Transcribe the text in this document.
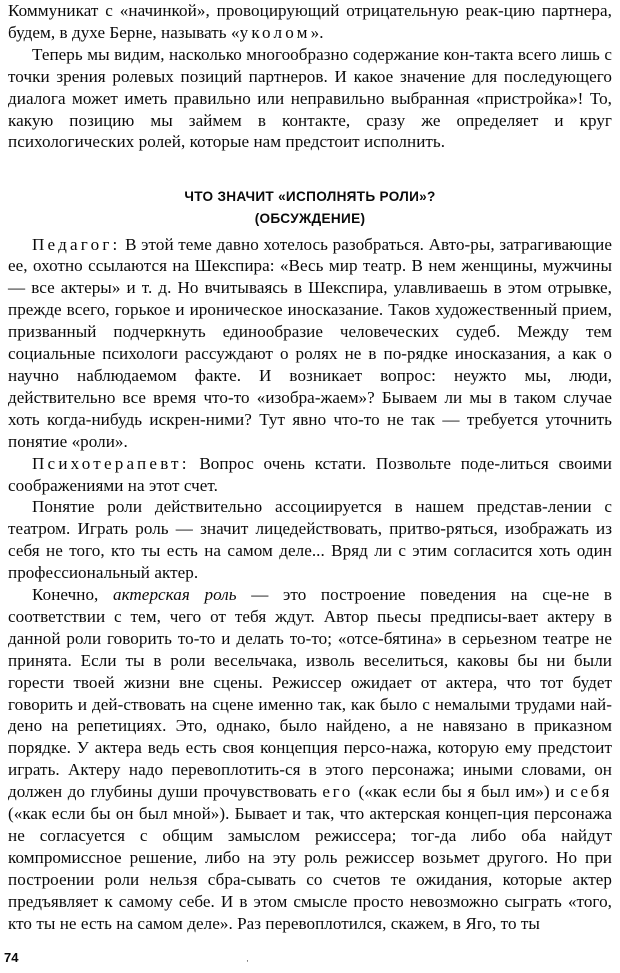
Коммуникат с «начинкой», провоцирующий отрицательную реак-цию партнера, будем, в духе Берне, называть «уколом».

Теперь мы видим, насколько многообразно содержание кон-такта всего лишь с точки зрения ролевых позиций партнеров. И какое значение для последующего диалога может иметь правильно или неправильно выбранная «пристройка»! То, какую позицию мы займем в контакте, сразу же определяет и круг психологических ролей, которые нам предстоит исполнить.

ЧТО ЗНАЧИТ «ИСПОЛНЯТЬ РОЛИ»?
(ОБСУЖДЕНИЕ)

Педагог: В этой теме давно хотелось разобраться. Авто-ры, затрагивающие ее, охотно ссылаются на Шекспира: «Весь мир театр. В нем женщины, мужчины — все актеры» и т. д. Но вчитываясь в Шекспира, улавливаешь в этом отрывке, прежде всего, горькое и ироническое иносказание. Таков художественный прием, призванный подчеркнуть единообразие человеческих судеб. Между тем социальные психологи рассуждают о ролях не в по-рядке иносказания, а как о научно наблюдаемом факте. И возникает вопрос: неужто мы, люди, действительно все время что-то «изобра-жаем»? Бываем ли мы в таком случае хоть когда-нибудь искрен-ними? Тут явно что-то не так — требуется уточнить понятие «роли».

Психотерапевт: Вопрос очень кстати. Позвольте поде-литься своими соображениями на этот счет.

Понятие роли действительно ассоциируется в нашем представ-лении с театром. Играть роль — значит лицедействовать, притво-ряться, изображать из себя не того, кто ты есть на самом деле... Вряд ли с этим согласится хоть один профессиональный актер.

Конечно, актерская роль — это построение поведения на сце-не в соответствии с тем, чего от тебя ждут. Автор пьесы предписы-вает актеру в данной роли говорить то-то и делать то-то; «отсе-бятина» в серьезном театре не принята. Если ты в роли весельчака, изволь веселиться, каковы бы ни были горести твоей жизни вне сцены. Режиссер ожидает от актера, что тот будет говорить и дей-ствовать на сцене именно так, как было с немалыми трудами най-дено на репетициях. Это, однако, было найдено, а не навязано в приказном порядке. У актера ведь есть своя концепция персо-нажа, которую ему предстоит играть. Актеру надо перевоплотить-ся в этого персонажа; иными словами, он должен до глубины души прочувствовать его («как если бы я был им») и себя («как если бы он был мной»). Бывает и так, что актерская концеп-ция персонажа не согласуется с общим замыслом режиссера; тог-да либо оба найдут компромиссное решение, либо на эту роль режиссер возьмет другого. Но при построении роли нельзя сбра-сывать со счетов те ожидания, которые актер предъявляет к самому себе. И в этом смысле просто невозможно сыграть «того, кто ты не есть на самом деле». Раз перевоплотился, скажем, в Яго, то ты

74	·
